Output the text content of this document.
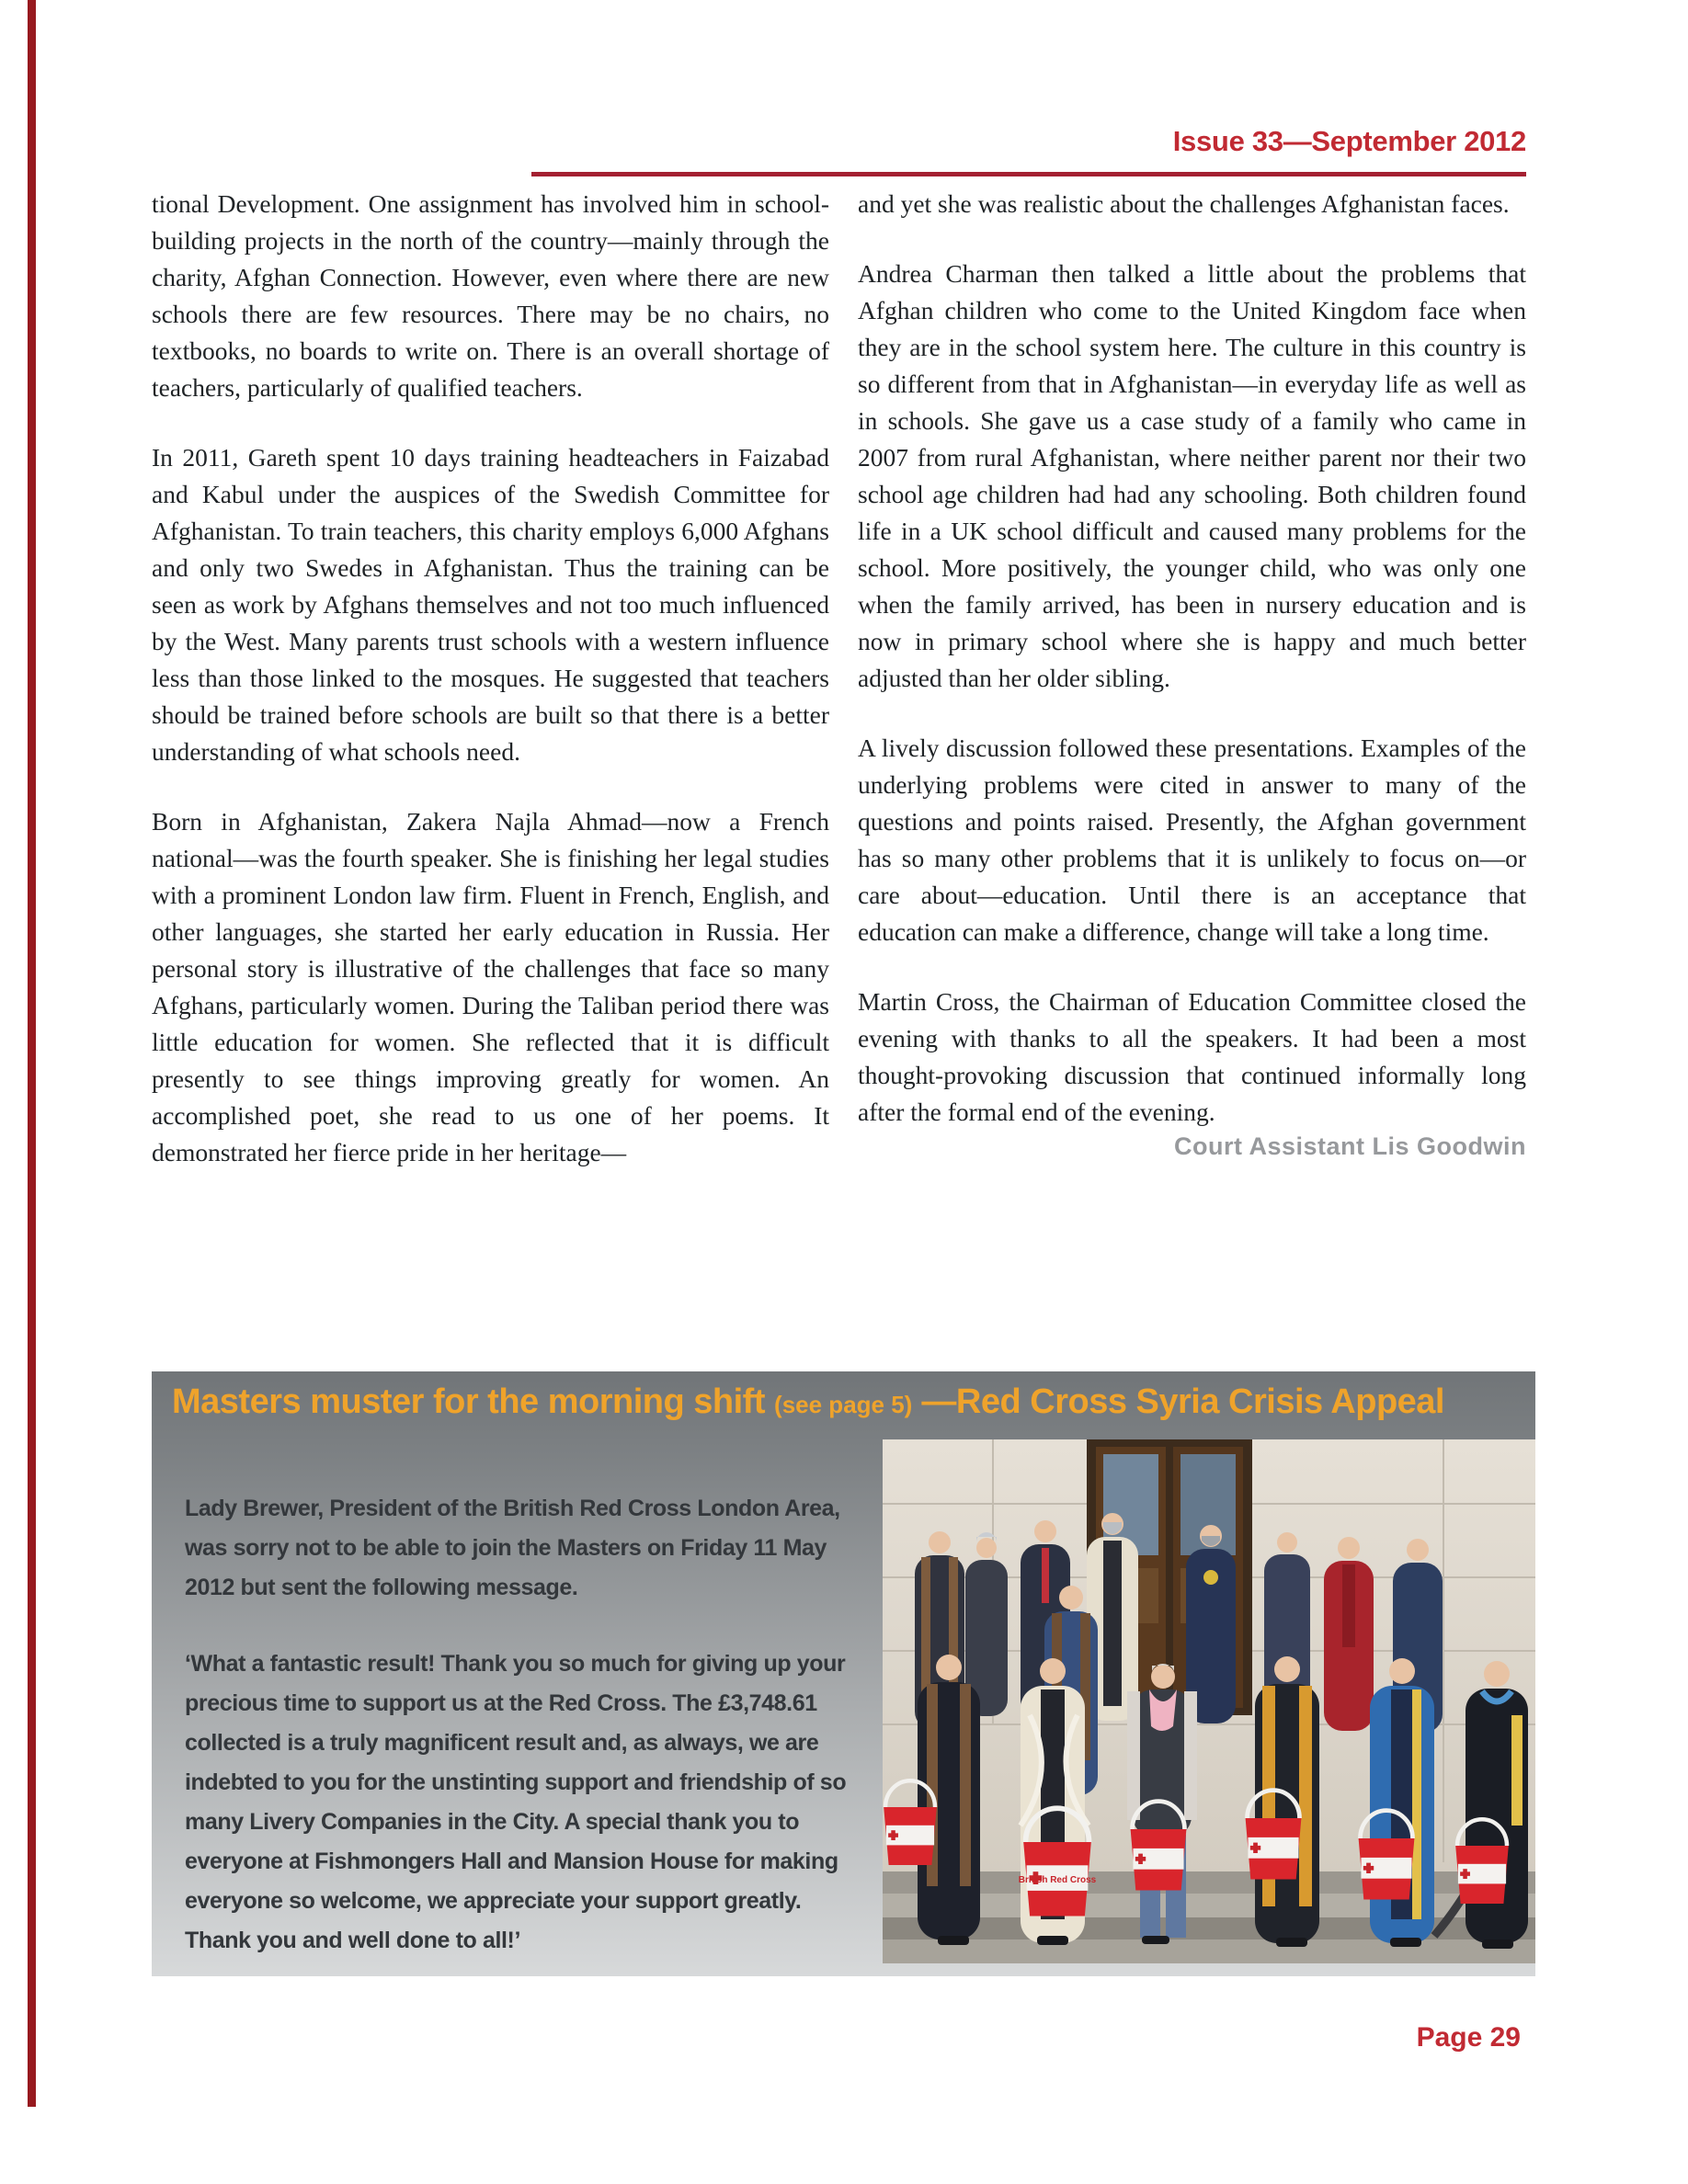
Issue 33—September 2012

tional Development. One assignment has involved him in school-building projects in the north of the country—mainly through the charity, Afghan Connection. However, even where there are new schools there are few resources. There may be no chairs, no textbooks, no boards to write on. There is an overall shortage of teachers, particularly of qualified teachers.

In 2011, Gareth spent 10 days training headteachers in Faizabad and Kabul under the auspices of the Swedish Committee for Afghanistan. To train teachers, this charity employs 6,000 Afghans and only two Swedes in Afghanistan. Thus the training can be seen as work by Afghans themselves and not too much influenced by the West. Many parents trust schools with a western influence less than those linked to the mosques. He suggested that teachers should be trained before schools are built so that there is a better understanding of what schools need.

Born in Afghanistan, Zakera Najla Ahmad—now a French national—was the fourth speaker. She is finishing her legal studies with a prominent London law firm. Fluent in French, English, and other languages, she started her early education in Russia. Her personal story is illustrative of the challenges that face so many Afghans, particularly women. During the Taliban period there was little education for women. She reflected that it is difficult presently to see things improving greatly for women. An accomplished poet, she read to us one of her poems. It demonstrated her fierce pride in her heritage—

and yet she was realistic about the challenges Afghanistan faces.

Andrea Charman then talked a little about the problems that Afghan children who come to the United Kingdom face when they are in the school system here. The culture in this country is so different from that in Afghanistan—in everyday life as well as in schools. She gave us a case study of a family who came in 2007 from rural Afghanistan, where neither parent nor their two school age children had had any schooling. Both children found life in a UK school difficult and caused many problems for the school. More positively, the younger child, who was only one when the family arrived, has been in nursery education and is now in primary school where she is happy and much better adjusted than her older sibling.

A lively discussion followed these presentations. Examples of the underlying problems were cited in answer to many of the questions and points raised. Presently, the Afghan government has so many other problems that it is unlikely to focus on—or care about—education. Until there is an acceptance that education can make a difference, change will take a long time.

Martin Cross, the Chairman of Education Committee closed the evening with thanks to all the speakers. It had been a most thought-provoking discussion that continued informally long after the formal end of the evening.

Court Assistant Lis Goodwin
Masters muster for the morning shift (see page 5) —Red Cross Syria Crisis Appeal

Lady Brewer, President of the British Red Cross London Area, was sorry not to be able to join the Masters on Friday 11 May 2012 but sent the following message.

‘What a fantastic result! Thank you so much for giving up your precious time to support us at the Red Cross. The £3,748.61 collected is a truly magnificent result and, as always, we are indebted to you for the unstinting support and friendship of so many Livery Companies in the City. A special thank you to everyone at Fishmongers Hall and Mansion House for making everyone so welcome, we appreciate your support greatly. Thank you and well done to all!’

British Red Cross
Page 29
